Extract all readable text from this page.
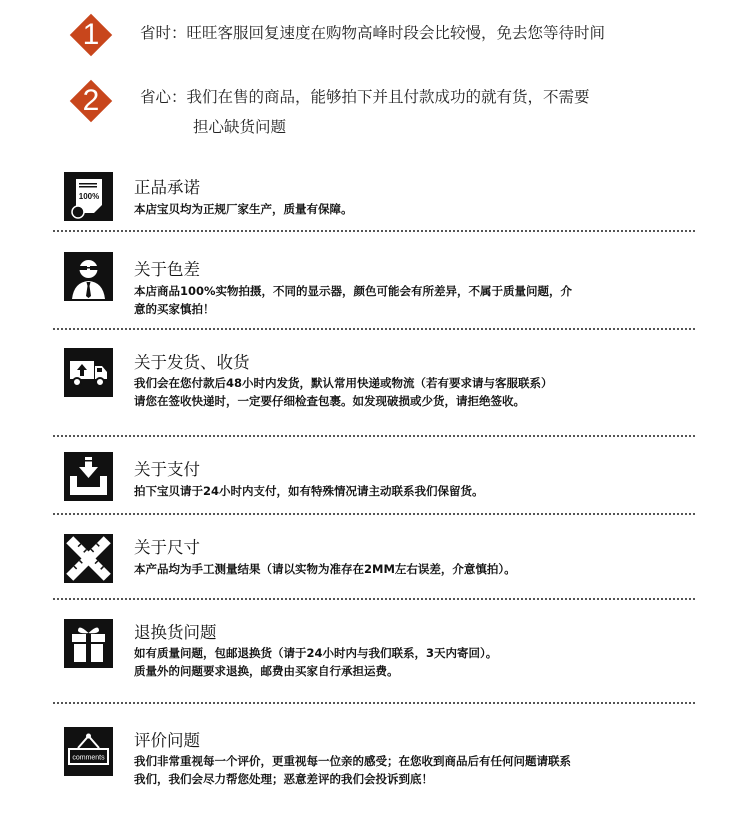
1	省时：旺旺客服回复速度在购物高峰时段会比较慢，免去您等待时间
2	省心：我们在售的商品，能够拍下并且付款成功的就有货，不需要
担心缺货问题
100% 正品承诺
本店宝贝均为正规厂家生产，质量有保障。
关于色差
本店商品100%实物拍摄，不同的显示器，颜色可能会有所差异，不属于质量问题，介
意的买家慎拍！
关于发货、收货
我们会在您付款后48小时内发货，默认常用快递或物流（若有要求请与客服联系）
请您在签收快递时，一定要仔细检查包裹。如发现破损或少货，请拒绝签收。
关于支付
拍下宝贝请于24小时内支付，如有特殊情况请主动联系我们保留货。
关于尺寸
本产品均为手工测量结果（请以实物为准存在2MM左右误差，介意慎拍）。
退换货问题
如有质量问题，包邮退换货（请于24小时内与我们联系，3天内寄回）。
质量外的问题要求退换，邮费由买家自行承担运费。
comments
评价问题
我们非常重视每一个评价，更重视每一位亲的感受；在您收到商品后有任何问题请联系
我们，我们会尽力帮您处理；恶意差评的我们会投诉到底！
